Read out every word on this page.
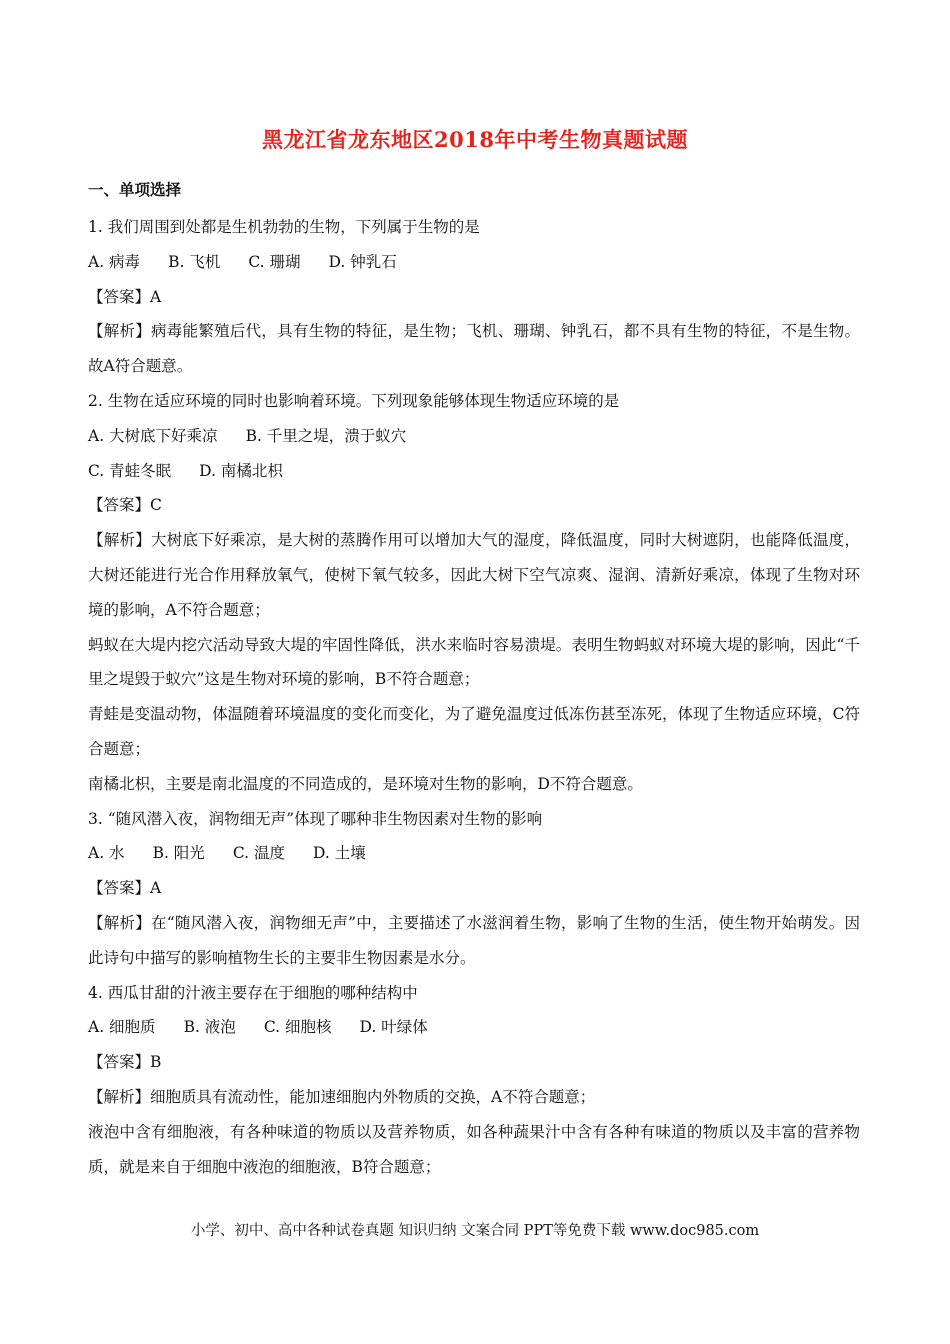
黑龙江省龙东地区2018年中考生物真题试题
一、单项选择
1. 我们周围到处都是生机勃勃的生物，下列属于生物的是
A. 病毒 B. 飞机 C. 珊瑚 D. 钟乳石
【答案】A
【解析】病毒能繁殖后代，具有生物的特征，是生物；飞机、珊瑚、钟乳石，都不具有生物的特征，不是生物。故A符合题意。
2. 生物在适应环境的同时也影响着环境。下列现象能够体现生物适应环境的是
A. 大树底下好乘凉 B. 千里之堤，溃于蚁穴
C. 青蛙冬眠 D. 南橘北枳
【答案】C
【解析】大树底下好乘凉，是大树的蒸腾作用可以增加大气的湿度，降低温度，同时大树遮阴，也能降低温度，大树还能进行光合作用释放氧气，使树下氧气较多，因此大树下空气凉爽、湿润、清新好乘凉，体现了生物对环境的影响，A不符合题意；
蚂蚁在大堤内挖穴活动导致大堤的牢固性降低，洪水来临时容易溃堤。表明生物蚂蚁对环境大堤的影响，因此“千里之堤毁于蚁穴”这是生物对环境的影响，B不符合题意；
青蛙是变温动物，体温随着环境温度的变化而变化，为了避免温度过低冻伤甚至冻死，体现了生物适应环境，C符合题意；
南橘北枳，主要是南北温度的不同造成的，是环境对生物的影响，D不符合题意。
3. “随风潜入夜，润物细无声”体现了哪种非生物因素对生物的影响
A. 水 B. 阳光 C. 温度 D. 土壤
【答案】A
【解析】在“随风潜入夜，润物细无声”中，主要描述了水滋润着生物，影响了生物的生活，使生物开始萌发。因此诗句中描写的影响植物生长的主要非生物因素是水分。
4. 西瓜甘甜的汁液主要存在于细胞的哪种结构中
A. 细胞质 B. 液泡 C. 细胞核 D. 叶绿体
【答案】B
【解析】细胞质具有流动性，能加速细胞内外物质的交换，A不符合题意；
液泡中含有细胞液，有各种味道的物质以及营养物质，如各种蔬果汁中含有各种有味道的物质以及丰富的营养物质，就是来自于细胞中液泡的细胞液，B符合题意；
小学、初中、高中各种试卷真题 知识归纳 文案合同 PPT等免费下载 www.doc985.com
